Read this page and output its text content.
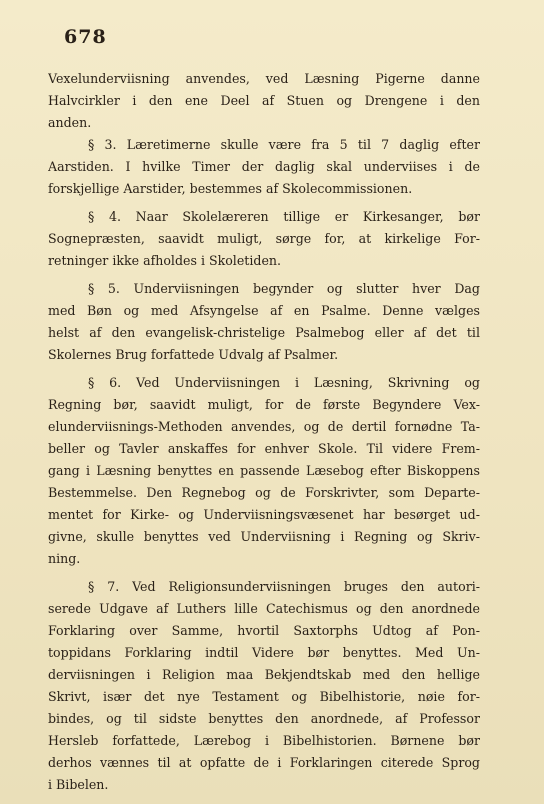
678
Vexelunderviisning anvendes, ved Læsning Pigerne danne
Halvcirkler i den ene Deel af Stuen og Drengene i den
anden.
§ 3. Læretimerne skulle være fra 5 til 7 daglig efter
Aarstiden. I hvilke Timer der daglig skal underviises i de
forskjellige Aarstider, bestemmes af Skolecommissionen.
§ 4. Naar Skolelæreren tillige er Kirkesanger, bør
Sognepræsten, saavidt muligt, sørge for, at kirkelige For-
retninger ikke afholdes i Skoletiden.
§ 5. Underviisningen begynder og slutter hver Dag
med Bøn og med Afsyngelse af en Psalme. Denne vælges
helst af den evangelisk-christelige Psalmebog eller af det til
Skolernes Brug forfattede Udvalg af Psalmer.
§ 6. Ved Underviisningen i Læsning, Skrivning og
Regning bør, saavidt muligt, for de første Begyndere Vex-
elunderviisnings-Methoden anvendes, og de dertil fornødne Ta-
beller og Tavler anskaffes for enhver Skole. Til videre Frem-
gang i Læsning benyttes en passende Læsebog efter Biskoppens
Bestemmelse. Den Regnebog og de Forskrivter, som Departe-
mentet for Kirke- og Underviisningsvæsenet har besørget ud-
givne, skulle benyttes ved Underviisning i Regning og Skriv-
ning.
§ 7. Ved Religionsunderviisningen bruges den autori-
serede Udgave af Luthers lille Catechismus og den anordnede
Forklaring over Samme, hvortil Saxtorphs Udtog af Pon-
toppidans Forklaring indtil Videre bør benyttes. Med Un-
derviisningen i Religion maa Bekjendtskab med den hellige
Skrivt, især det nye Testament og Bibelhistorie, nøie for-
bindes, og til sidste benyttes den anordnede, af Professor
Hersleb forfattede, Lærebog i Bibelhistorien. Børnene bør
derhos vænnes til at opfatte de i Forklaringen citerede Sprog
i Bibelen.
